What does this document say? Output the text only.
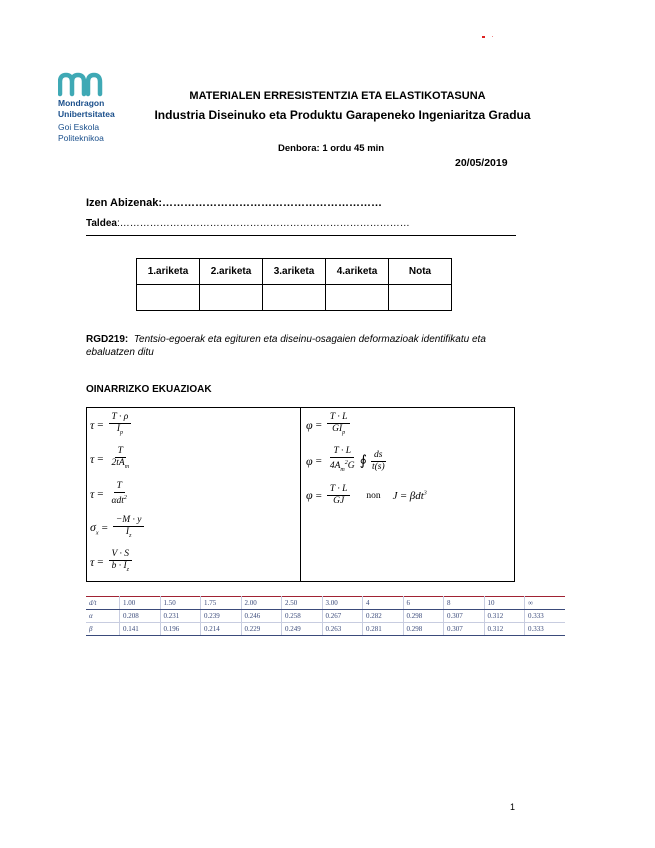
Mondragon
Unibertsitatea
Goi Eskola
Politeknikoa
MATERIALEN ERRESISTENTZIA ETA ELASTIKOTASUNA
Industria Diseinuko eta Produktu Garapeneko Ingeniaritza Gradua
Denbora: 1 ordu 45 min
20/05/2019
Izen Abizenak:……………………………………………………
Taldea:……………………………………………………………………………
1.ariketa	2.ariketa	3.ariketa	4.ariketa	Nota

RGD219: Tentsio-egoerak eta egituren eta diseinu-osagaien deformazioak identifikatu eta ebaluatzen ditu
OINARRIZKO EKUAZIOAK
$\tau = \frac{T \cdot \rho}{I_p}$
$\tau = \frac{T}{2tA_m}$
$\tau = \frac{T}{\alpha dt^2}$
$\sigma_x = \frac{-M \cdot y}{I_z}$
$\tau = \frac{V \cdot S}{b \cdot I_z}$
$\varphi = \frac{T \cdot L}{GI_p}$
$\varphi = \frac{T \cdot L}{4A_m^2G}$ ∮ $\frac{ds}{t(s)}$
$\varphi = \frac{T \cdot L}{GJ}$ non J = βdt$^3$
d/t	1.00	1.50	1.75	2.00	2.50	3.00	4	6	8	10	∞
α	0.208	0.231	0.239	0.246	0.258	0.267	0.282	0.298	0.307	0.312	0.333
β	0.141	0.196	0.214	0.229	0.249	0.263	0.281	0.298	0.307	0.312	0.333
1
